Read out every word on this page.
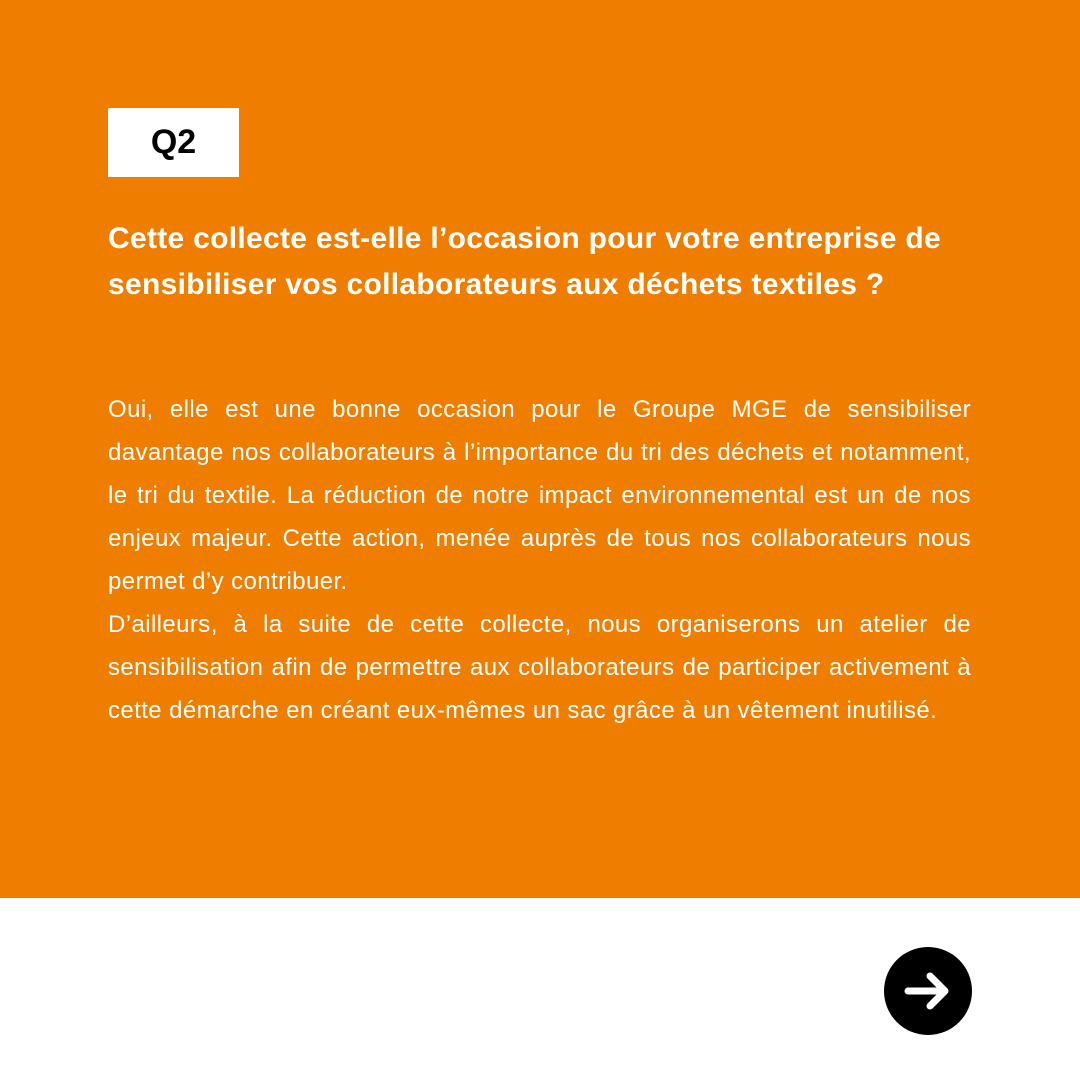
Q2
Cette collecte est-elle l’occasion pour votre entreprise de sensibiliser vos collaborateurs aux déchets textiles ?

Oui, elle est une bonne occasion pour le Groupe MGE de sensibiliser davantage nos collaborateurs à l’importance du tri des déchets et notamment, le tri du textile. La réduction de notre impact environnemental est un de nos enjeux majeur. Cette action, menée auprès de tous nos collaborateurs nous permet d’y contribuer.

D’ailleurs, à la suite de cette collecte, nous organiserons un atelier de sensibilisation afin de permettre aux collaborateurs de participer activement à cette démarche en créant eux-mêmes un sac grâce à un vêtement inutilisé.
